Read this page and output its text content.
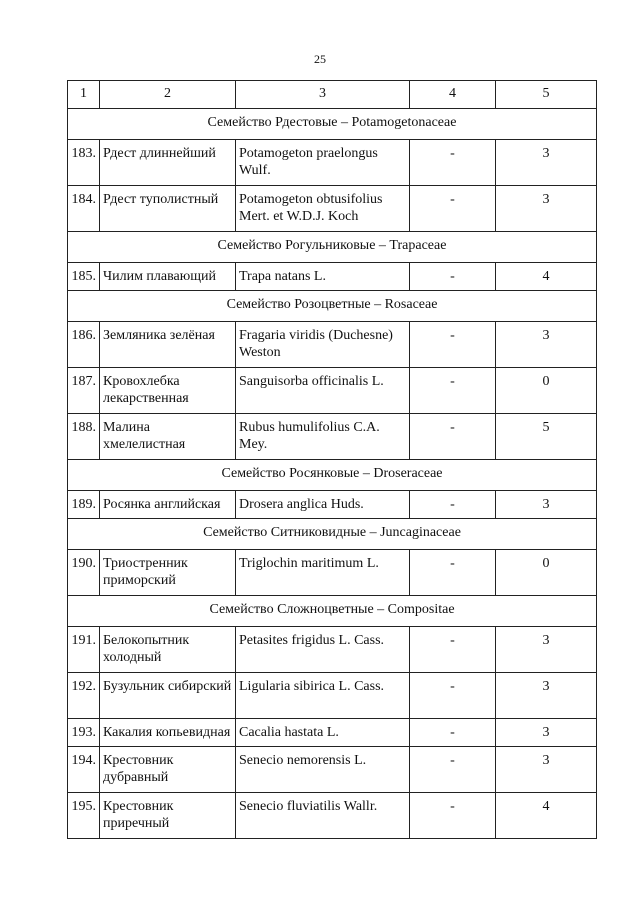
25
1	2	3	4	5
Семейство Рдестовые – Potamogetonaceae				
183.	Рдест длиннейший	Potamogeton praelongus Wulf.	-	3
184.	Рдест туполистный	Potamogeton obtusifolius Mert. et W.D.J. Koch	-	3
Семейство Рогульниковые – Trapaceae				
185.	Чилим плавающий	Trapa natans L.	-	4
Семейство Розоцветные – Rosaceae				
186.	Земляника зелёная	Fragaria viridis (Duchesne) Weston	-	3
187.	Кровохлебка лекарственная	Sanguisorba officinalis L.	-	0
188.	Малина хмелелистная	Rubus humulifolius C.A. Mey.	-	5
Семейство Росянковые – Droseraceae				
189.	Росянка английская	Drosera anglica Huds.	-	3
Семейство Ситниковидные – Juncaginaceae				
190.	Триостренник приморский	Triglochin maritimum L.	-	0
Семейство Сложноцветные – Compositae				
191.	Белокопытник холодный	Petasites frigidus L. Cass.	-	3
192.	Бузульник сибирский	Ligularia sibirica L. Cass.	-	3
193.	Какалия копьевидная	Cacalia hastata L.	-	3
194.	Крестовник дубравный	Senecio nemorensis L.	-	3
195.	Крестовник приречный	Senecio fluviatilis Wallr.	-	4
